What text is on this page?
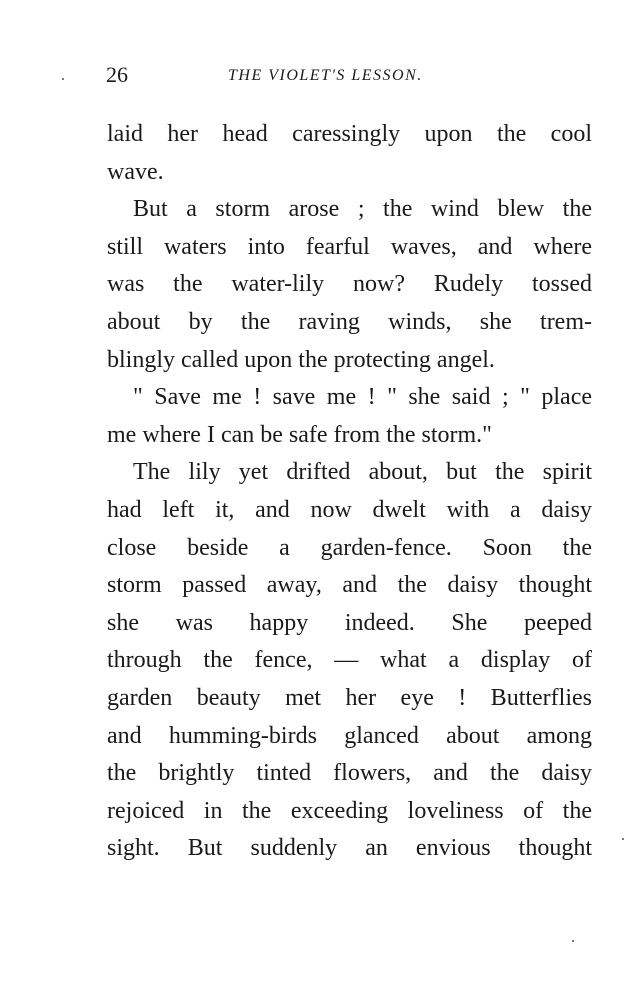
26	THE VIOLET'S LESSON.
laid her head caressingly upon the cool
wave.
But a storm arose ; the wind blew the
still waters into fearful waves, and where
was the water-lily now? Rudely tossed
about by the raving winds, she trem-
blingly called upon the protecting angel.
" Save me ! save me ! " she said ; " place
me where I can be safe from the storm."
The lily yet drifted about, but the spirit
had left it, and now dwelt with a daisy
close beside a garden-fence. Soon the
storm passed away, and the daisy thought
she was happy indeed. She peeped
through the fence, — what a display of
garden beauty met her eye ! Butterflies
and humming-birds glanced about among
the brightly tinted flowers, and the daisy
rejoiced in the exceeding loveliness of the
sight. But suddenly an envious thought
